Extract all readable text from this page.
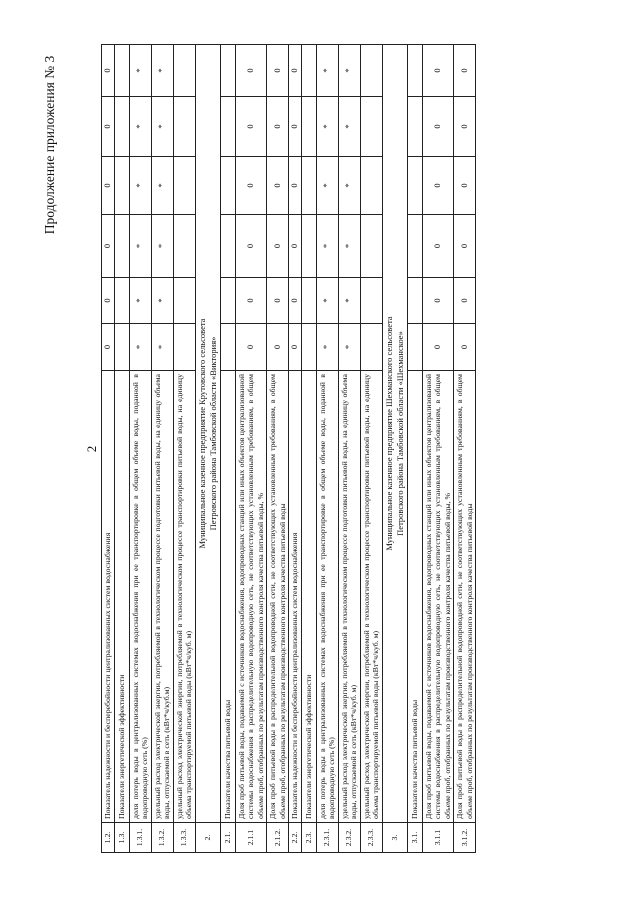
Продолжение приложения № 3
2
1.2.	Показатель надежности и бесперебойности централизованных систем водоснабжения	0	0	0	0	0	0
1.3.	Показатели энергетической эффективности						
1.3.1.	доля потерь воды в централизованных системах водоснабжения при ее транспортировке в общем объеме воды, поданной в водопроводную сеть (%)	*	*	*	*	*	*
1.3.2.	удельный расход электрической энергии, потребляемой в технологическом процессе подготовки питьевой воды, на единицу объема воды, отпускаемой в сеть (кВт*ч/куб.м)	*	*	*	*	*	*
1.3.3.	удельный расход электрической энергии, потребляемой в технологическом процессе транспортировки питьевой воды, на единицу объема транспортируемой питьевой воды (кВт*ч/куб. м)						
2.	Муниципальное казенное предприятие Крутовского сельсовета
Петровского района Тамбовской области «Виктория»						
2.1.	Показатели качества питьевой воды						
2.1.1	Доля проб питьевой воды, подаваемой с источников водоснабжения, водопроводных станций или иных объектов централизованной системы водоснабжения в распределительную водопроводную сеть, не соответствующих установленным требованиям, в общем объеме проб, отобранных по результатам производственного контроля качества питьевой воды, %	0	0	0	0	0	0
2.1.2.	Доля проб питьевой воды в распределительной водопроводной сети, не соответствующих установленным требованиям, в общем объеме проб, отобранных по результатам производственного контроля качества питьевой воды	0	0	0	0	0	0
2.2.	Показатель надежности и бесперебойности централизованных систем водоснабжения	0	0	0	0	0	0
2.3.	Показатели энергетической эффективности						
2.3.1.	доля потерь воды в централизованных системах водоснабжения при ее транспортировке в общем объеме воды, поданной в водопроводную сеть (%)	*	*	*	*	*	*
2.3.2.	удельный расход электрической энергии, потребляемой в технологическом процессе подготовки питьевой воды, на единицу объема воды, отпускаемой в сеть (кВт*ч/куб. м)	*	*	*	*	*	*
2.3.3.	удельный расход электрической энергии, потребляемой в технологическом процессе транспортировки питьевой воды, на единицу объема транспортируемой питьевой воды (кВт*ч/куб. м)						
3.	Муниципальное казенное предприятие Шехманского сельсовета
Петровского района Тамбовской области «Шехманское»						
3.1.	Показатели качества питьевой воды						
3.1.1	Доля проб питьевой воды, подаваемой с источников водоснабжения, водопроводных станций или иных объектов централизованной системы водоснабжения в распределительную водопроводную сеть, не соответствующих установленным требованиям, в общем объеме проб, отобранных по результатам производственного контроля качества питьевой воды, %	0	0	0	0	0	0
3.1.2.	Доля проб питьевой воды в распределительной водопроводной сети, не соответствующих установленным требованиям, в общем объеме проб, отобранных по результатам производственного контроля качества питьевой воды	0	0	0	0	0	0
